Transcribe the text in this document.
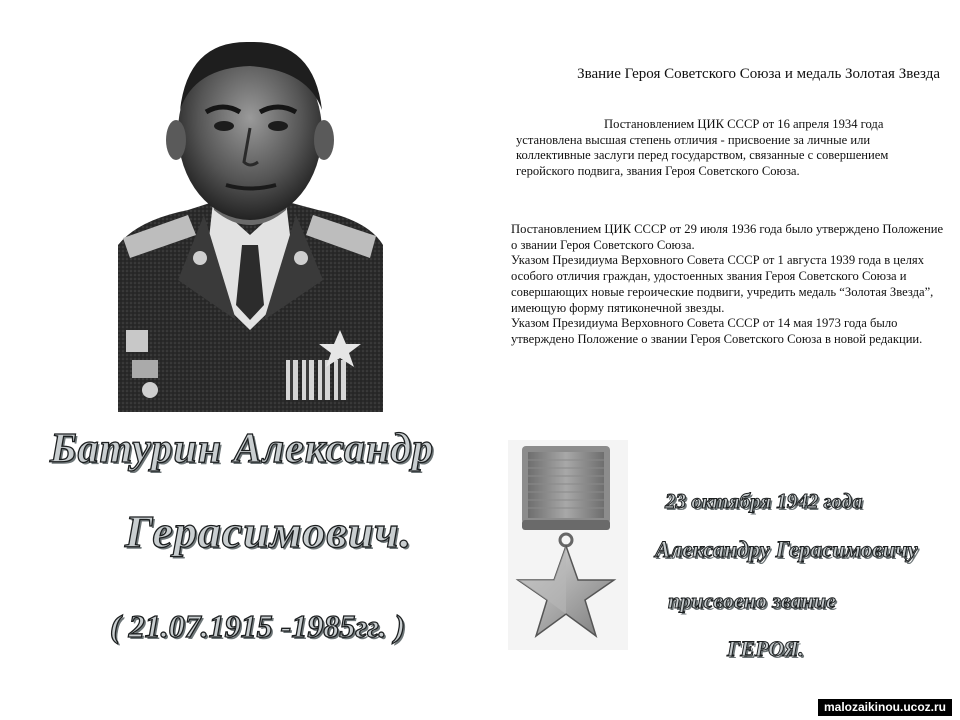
Звание Героя Советского Союза и медаль Золотая Звезда

Постановлением ЦИК СССР от 16 апреля 1934 года установлена высшая степень отличия - присвоение за личные или коллективные заслуги перед государством, связанные с совершением геройского подвига, звания Героя Советского Союза.

Постановлением ЦИК СССР от 29 июля 1936 года было утверждено Положение о звании Героя Советского Союза.
Указом Президиума Верховного Совета СССР от 1 августа 1939 года в целях особого отличия граждан, удостоенных звания Героя Советского Союза и совершающих новые героические подвиги, учредить медаль “Золотая Звезда”, имеющую форму пятиконечной звезды.
Указом Президиума Верховного Совета СССР от 14 мая 1973 года было утверждено Положение о звании Героя Советского Союза в новой редакции.
Батурин Александр
Герасимович.
( 21.07.1915 -1985гг. )
23 октября 1942 года
Александру Герасимовичу
присвоено звание
ГЕРОЯ.
malozaikinou.ucoz.ru
